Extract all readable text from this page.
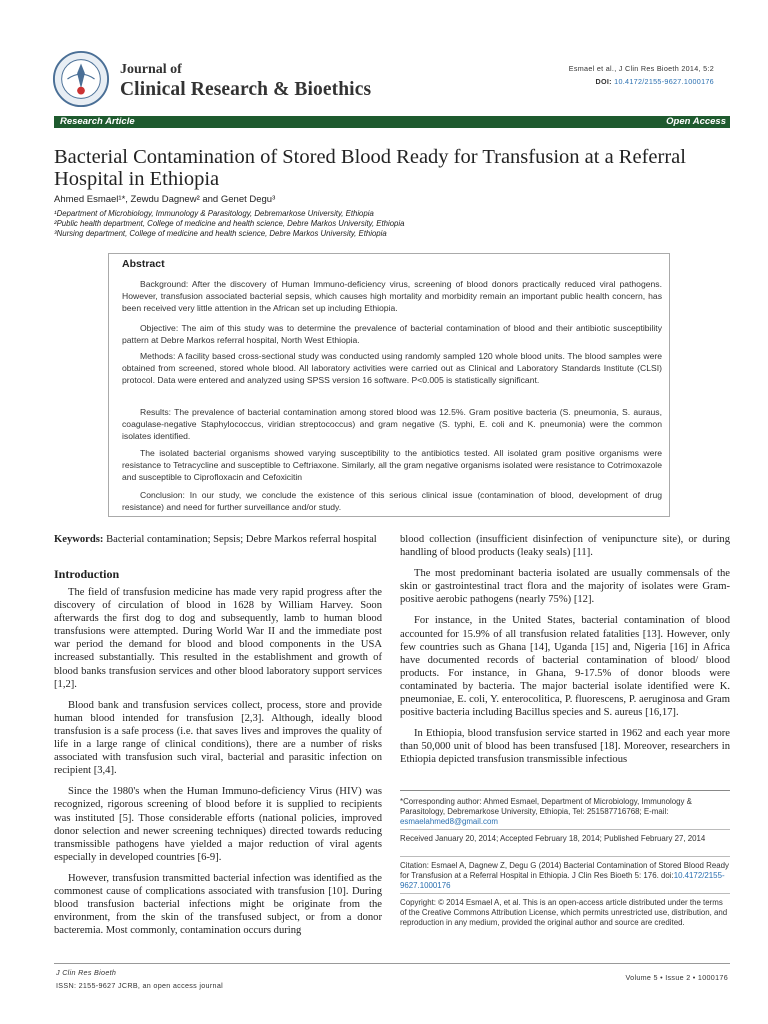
Journal of
Clinical Research & Bioethics
Esmael et al., J Clin Res Bioeth 2014, 5:2
DOI: 10.4172/2155-9627.1000176
Research Article	Open Access
Bacterial Contamination of Stored Blood Ready for Transfusion at a Referral Hospital in Ethiopia
Ahmed Esmael¹*, Zewdu Dagnew² and Genet Degu³
¹Department of Microbiology, Immunology & Parasitology, Debremarkose University, Ethiopia
²Public health department, College of medicine and health science, Debre Markos University, Ethiopia
³Nursing department, College of medicine and health science, Debre Markos University, Ethiopia
Abstract
Background: After the discovery of Human Immuno-deficiency virus, screening of blood donors practically reduced viral pathogens. However, transfusion associated bacterial sepsis, which causes high mortality and morbidity remain an important public health concern, has been received very little attention in the African set up including Ethiopia.
Objective: The aim of this study was to determine the prevalence of bacterial contamination of blood and their antibiotic susceptibility pattern at Debre Markos referral hospital, North West Ethiopia.
Methods: A facility based cross-sectional study was conducted using randomly sampled 120 whole blood units. The blood samples were obtained from screened, stored whole blood. All laboratory activities were carried out as Clinical and Laboratory Standards Institute (CLSI) protocol. Data were entered and analyzed using SPSS version 16 software. P<0.005 is statistically significant.
Results: The prevalence of bacterial contamination among stored blood was 12.5%. Gram positive bacteria (S. pneumonia, S. auraus, coagulase-negative Staphylococcus, viridian streptococcus) and gram negative (S. typhi, E. coli and K. pneumonia) were the common isolates identified.
The isolated bacterial organisms showed varying susceptibility to the antibiotics tested. All isolated gram positive organisms were resistance to Tetracycline and susceptible to Ceftriaxone. Similarly, all the gram negative organisms isolated were resistance to Cotrimoxazole and susceptible to Ciprofloxacin and Cefoxicitin
Conclusion: In our study, we conclude the existence of this serious clinical issue (contamination of blood, development of drug resistance) and need for further surveillance and/or study.
Keywords: Bacterial contamination; Sepsis; Debre Markos referral hospital
Introduction

The field of transfusion medicine has made very rapid progress after the discovery of circulation of blood in 1628 by William Harvey. Soon afterwards the first dog to dog and subsequently, lamb to human blood transfusions were attempted. During World War II and the immediate post war period the demand for blood and blood components in the USA increased substantially. This resulted in the establishment and growth of blood banks transfusion services and other blood laboratory support services [1,2].

Blood bank and transfusion services collect, process, store and provide human blood intended for transfusion [2,3]. Although, ideally blood transfusion is a safe process (i.e. that saves lives and improves the quality of life in a large range of clinical conditions), there are a number of risks associated with transfusion such viral, bacterial and parasitic infection on recipient [3,4].

Since the 1980's when the Human Immuno-deficiency Virus (HIV) was recognized, rigorous screening of blood before it is supplied to recipients was instituted [5]. Those considerable efforts (national policies, improved donor selection and newer screening techniques) directed towards reducing transmissible pathogens have yielded a major reduction of viral agents especially in developed countries [6-9].

However, transfusion transmitted bacterial infection was identified as the commonest cause of complications associated with transfusion [10]. During blood transfusion bacterial infections might be originate from the environment, from the skin of the transfused subject, or from a donor bacteremia. Most commonly, contamination occurs during

blood collection (insufficient disinfection of venipuncture site), or during handling of blood products (leaky seals) [11].

The most predominant bacteria isolated are usually commensals of the skin or gastrointestinal tract flora and the majority of isolates were Gram-positive aerobic pathogens (nearly 75%) [12].

For instance, in the United States, bacterial contamination of blood accounted for 15.9% of all transfusion related fatalities [13]. However, only few countries such as Ghana [14], Uganda [15] and, Nigeria [16] in Africa have documented records of bacterial contamination of blood/ blood products. For instance, in Ghana, 9-17.5% of donor bloods were contaminated by bacteria. The major bacterial isolate identified were K. pneumoniae, E. coli, Y. enterocolitica, P. fluorescens, P. aeruginosa and Gram positive bacteria including Bacillus species and S. aureus [16,17].

In Ethiopia, blood transfusion service started in 1962 and each year more than 50,000 unit of blood has been transfused [18]. Moreover, researchers in Ethiopia depicted transfusion transmissible infectious

*Corresponding author: Ahmed Esmael, Department of Microbiology, Immunology & Parasitology, Debremarkose University, Ethiopia, Tel: 251587716768; E-mail: esmaelahmed8@gmail.com
Received January 20, 2014; Accepted February 18, 2014; Published February 27, 2014
Citation: Esmael A, Dagnew Z, Degu G (2014) Bacterial Contamination of Stored Blood Ready for Transfusion at a Referral Hospital in Ethiopia. J Clin Res Bioeth 5: 176. doi:10.4172/2155-9627.1000176
Copyright: © 2014 Esmael A, et al. This is an open-access article distributed under the terms of the Creative Commons Attribution License, which permits unrestricted use, distribution, and reproduction in any medium, provided the original author and source are credited.
J Clin Res Bioeth
ISSN: 2155-9627 JCRB, an open access journal
Volume 5 • Issue 2 • 1000176
